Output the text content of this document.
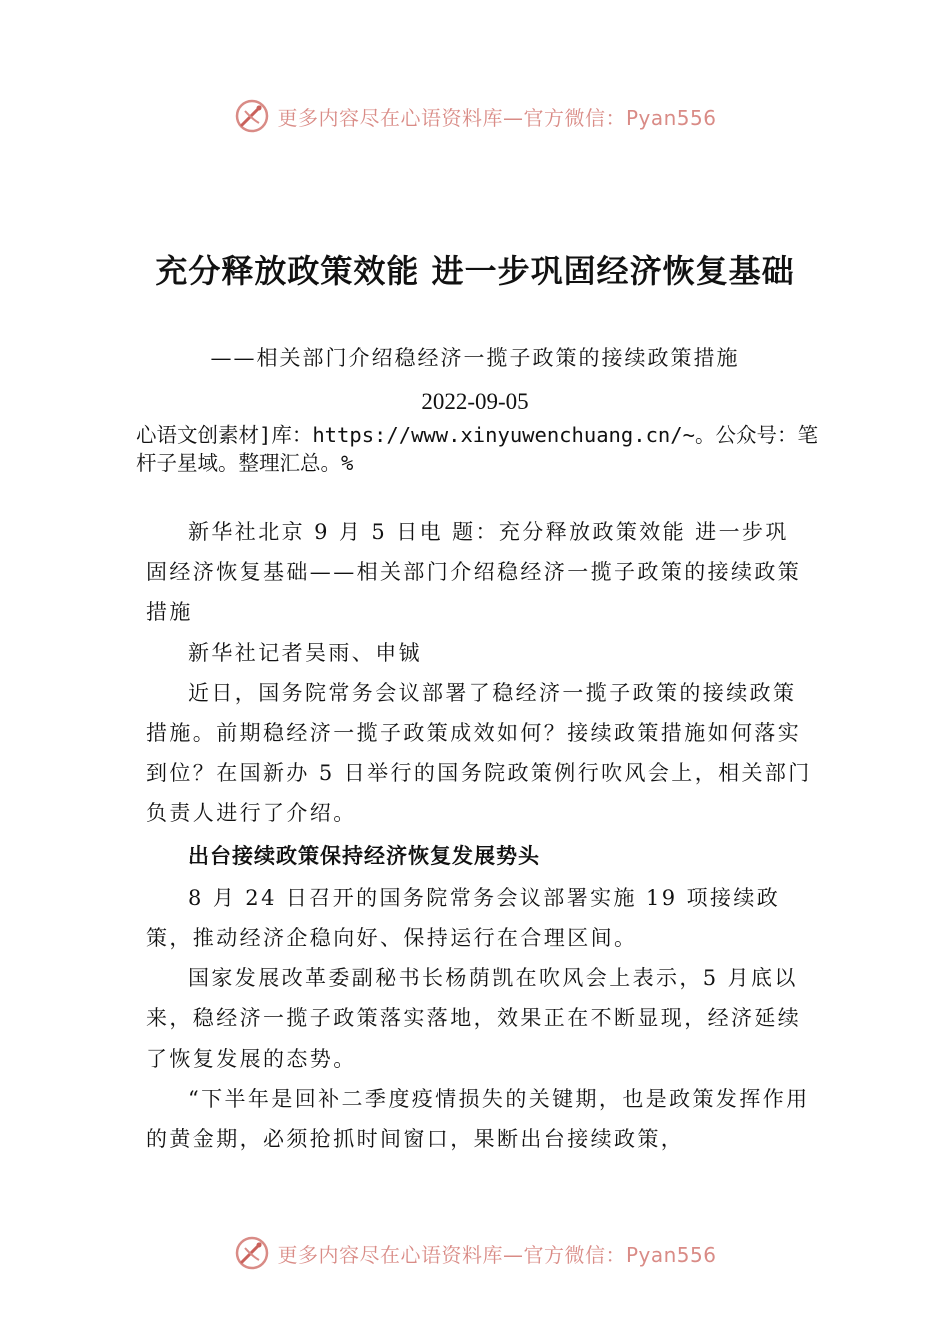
更多内容尽在心语资料库—官方微信：Pyan556
充分释放政策效能 进一步巩固经济恢复基础
——相关部门介绍稳经济一揽子政策的接续政策措施
2022-09-05
心语文创素材]库：https://www.xinyuwenchuang.cn/~。公众号：笔杆子星域。整理汇总。%

新华社北京 9 月 5 日电 题：充分释放政策效能 进一步巩固经济恢复基础——相关部门介绍稳经济一揽子政策的接续政策措施

新华社记者吴雨、申铖

近日，国务院常务会议部署了稳经济一揽子政策的接续政策措施。前期稳经济一揽子政策成效如何？接续政策措施如何落实到位？在国新办 5 日举行的国务院政策例行吹风会上，相关部门负责人进行了介绍。

出台接续政策保持经济恢复发展势头

8 月 24 日召开的国务院常务会议部署实施 19 项接续政策，推动经济企稳向好、保持运行在合理区间。

国家发展改革委副秘书长杨荫凯在吹风会上表示，5 月底以来，稳经济一揽子政策落实落地，效果正在不断显现，经济延续了恢复发展的态势。

“下半年是回补二季度疫情损失的关键期，也是政策发挥作用的黄金期，必须抢抓时间窗口，果断出台接续政策，

更多内容尽在心语资料库—官方微信：Pyan556
